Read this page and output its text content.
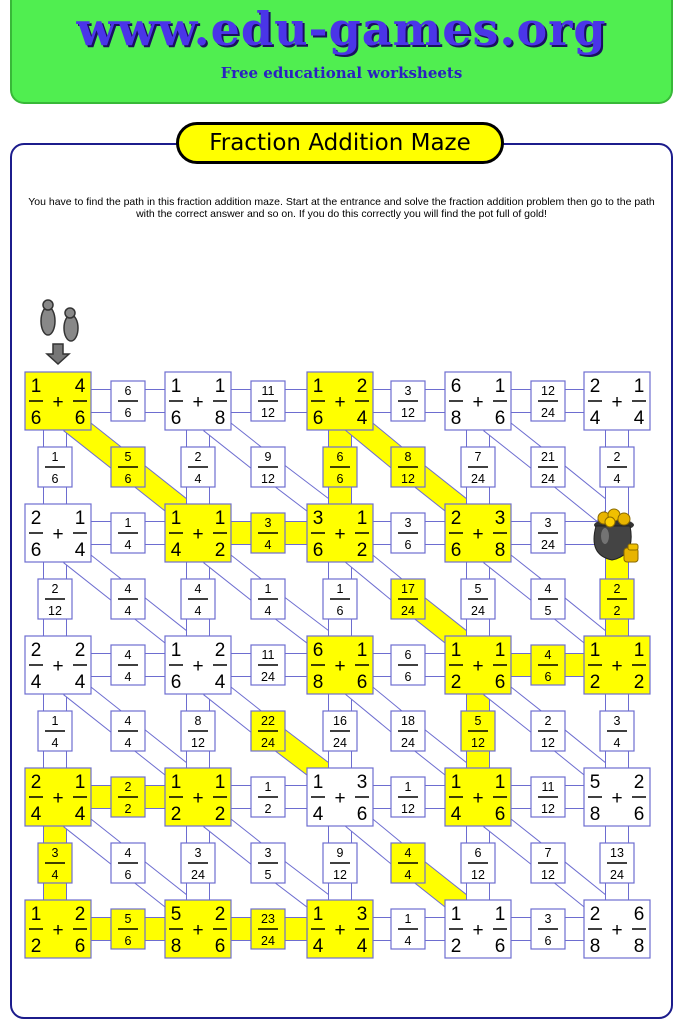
www.edu-games.org
Free educational worksheets
Fraction Addition Maze
You have to find the path in this fraction addition maze. Start at the entrance and solve the fraction addition problem then go to the path with the correct answer and so on. If you do this correctly you will find the pot full of gold!
1
6
+
4
6
1
6
+
1
8
1
6
+
2
4
6
8
+
1
6
2
4
+
1
4
6
6
11
12
3
12
12
24
2
6
+
1
4
1
4
+
1
2
3
6
+
1
2
2
6
+
3
8
1
4
3
4
3
6
3
24
2
4
+
2
4
1
6
+
2
4
6
8
+
1
6
1
2
+
1
6
1
2
+
1
2
4
4
11
24
6
6
4
6
2
4
+
1
4
1
2
+
1
2
1
4
+
3
6
1
4
+
1
6
5
8
+
2
6
2
2
1
2
1
12
11
12
1
2
+
2
6
5
8
+
2
6
1
4
+
3
4
1
2
+
1
6
2
8
+
6
8
5
6
23
24
1
4
3
6
1
6
5
6
2
4
9
12
6
6
8
12
7
24
21
24
2
4
2
12
4
4
4
4
1
4
1
6
17
24
5
24
4
5
2
2
1
4
4
4
8
12
22
24
16
24
18
24
5
12
2
12
3
4
3
4
4
6
3
24
3
5
9
12
4
4
6
12
7
12
13
24
